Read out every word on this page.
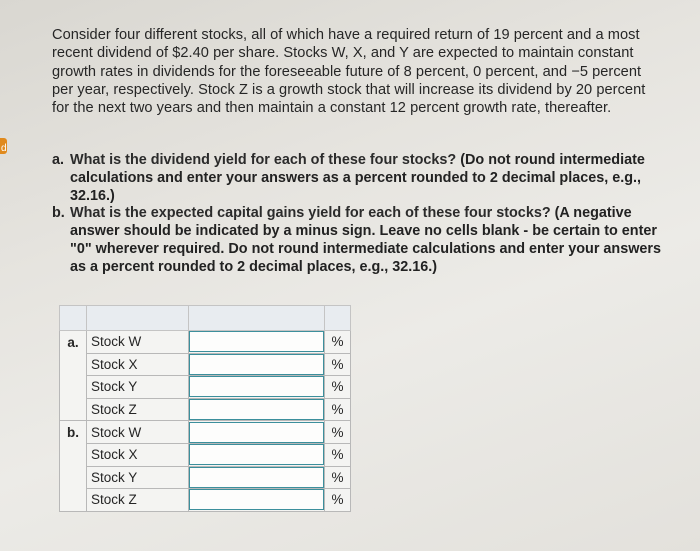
d
Consider four different stocks, all of which have a required return of 19 percent and a most recent dividend of $2.40 per share. Stocks W, X, and Y are expected to maintain constant growth rates in dividends for the foreseeable future of 8 percent, 0 percent, and −5 percent per year, respectively. Stock Z is a growth stock that will increase its dividend by 20 percent for the next two years and then maintain a constant 12 percent growth rate, thereafter.
a. What is the dividend yield for each of these four stocks? (Do not round intermediate calculations and enter your answers as a percent rounded to 2 decimal places, e.g., 32.16.)
b. What is the expected capital gains yield for each of these four stocks? (A negative answer should be indicated by a minus sign. Leave no cells blank - be certain to enter "0" wherever required. Do not round intermediate calculations and enter your answers as a percent rounded to 2 decimal places, e.g., 32.16.)

a.	Stock W		%
	Stock X		%
	Stock Y		%
	Stock Z		%
b.	Stock W		%
	Stock X		%
	Stock Y		%
	Stock Z		%
